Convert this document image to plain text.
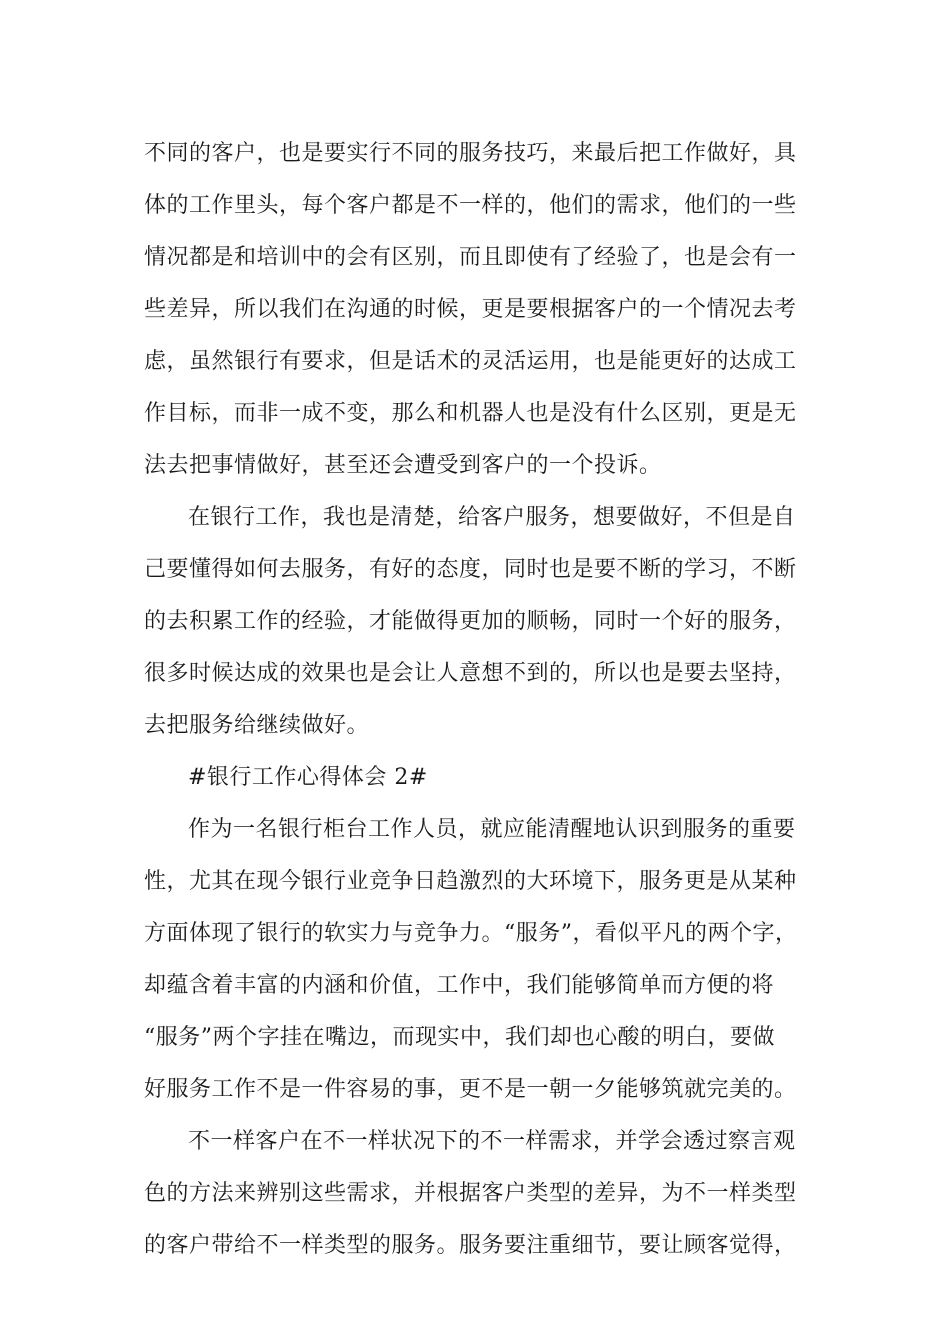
不同的客户，也是要实行不同的服务技巧，来最后把工作做好，具
体的工作里头，每个客户都是不一样的，他们的需求，他们的一些
情况都是和培训中的会有区别，而且即使有了经验了，也是会有一
些差异，所以我们在沟通的时候，更是要根据客户的一个情况去考
虑，虽然银行有要求，但是话术的灵活运用，也是能更好的达成工
作目标，而非一成不变，那么和机器人也是没有什么区别，更是无
法去把事情做好，甚至还会遭受到客户的一个投诉。
在银行工作，我也是清楚，给客户服务，想要做好，不但是自
己要懂得如何去服务，有好的态度，同时也是要不断的学习，不断
的去积累工作的经验，才能做得更加的顺畅，同时一个好的服务，
很多时候达成的效果也是会让人意想不到的，所以也是要去坚持，
去把服务给继续做好。
#银行工作心得体会 2#
作为一名银行柜台工作人员，就应能清醒地认识到服务的重要
性，尤其在现今银行业竞争日趋激烈的大环境下，服务更是从某种
方面体现了银行的软实力与竞争力。“服务”，看似平凡的两个字，
却蕴含着丰富的内涵和价值，工作中，我们能够简单而方便的将
“服务”两个字挂在嘴边，而现实中，我们却也心酸的明白，要做
好服务工作不是一件容易的事，更不是一朝一夕能够筑就完美的。
不一样客户在不一样状况下的不一样需求，并学会透过察言观
色的方法来辨别这些需求，并根据客户类型的差异，为不一样类型
的客户带给不一样类型的服务。服务要注重细节，要让顾客觉得，
